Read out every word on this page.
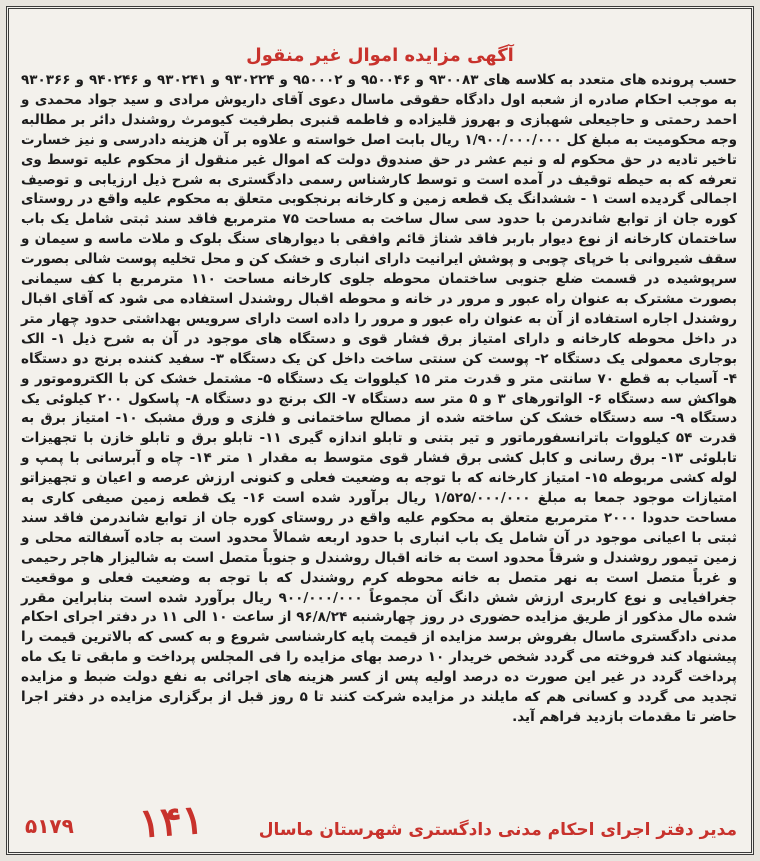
آگهی مزایده اموال غیر منقول
حسب پرونده های متعدد به کلاسه های ۹۳۰۰۸۳ و ۹۵۰۰۴۶ و ۹۵۰۰۰۲ و ۹۳۰۲۲۴ و ۹۳۰۲۴۱ و ۹۴۰۲۴۶ و ۹۳۰۳۶۶ به موجب احکام صادره از شعبه اول دادگاه حقوقی ماسال دعوی آقای داریوش مرادی و سید جواد محمدی و احمد رحمتی و حاجیعلی شهبازی و بهروز قلیزاده و فاطمه قنبری بطرفیت کیومرث روشندل دائر بر مطالبه وجه محکومیت به مبلغ کل ۱/۹۰۰/۰۰۰/۰۰۰ ریال بابت اصل خواسته و علاوه بر آن هزینه دادرسی و نیز خسارت تاخیر تادیه در حق محکوم له و نیم عشر در حق صندوق دولت که اموال غیر منقول از محکوم علیه توسط وی تعرفه که به حیطه توقیف در آمده است و توسط کارشناس رسمی دادگستری به شرح ذیل ارزیابی و توصیف اجمالی گردیده است ۱ - ششدانگ یک قطعه زمین و کارخانه برنجکوبی متعلق به محکوم علیه واقع در روستای کوره جان از توابع شاندرمن با حدود سی سال ساخت به مساحت ۷۵ مترمربع فاقد سند ثبتی شامل یک باب ساختمان کارخانه از نوع دیوار باربر فاقد شناژ قائم وافقی با دیوارهای سنگ بلوک و ملات ماسه و سیمان و سقف شیروانی با خرپای چوبی و پوشش ایرانیت دارای انباری و خشک کن و محل تخلیه پوست شالی بصورت سرپوشیده در قسمت ضلع جنوبی ساختمان محوطه جلوی کارخانه مساحت ۱۱۰ مترمربع با کف سیمانی بصورت مشترک به عنوان راه عبور و مرور در خانه و محوطه اقبال روشندل استفاده می شود که آقای اقبال روشندل اجاره استفاده از آن به عنوان راه عبور و مرور را داده است دارای سرویس بهداشتی حدود چهار متر در داخل محوطه کارخانه و دارای امتیاز برق فشار قوی و دستگاه های موجود در آن به شرح ذیل ۱- الک بوجاری معمولی یک دستگاه ۲- پوست کن سنتی ساخت داخل کن یک دستگاه ۳- سفید کننده برنج دو دستگاه ۴- آسیاب به قطع ۷۰ سانتی متر و قدرت متر ۱۵ کیلووات یک دستگاه ۵- مشتمل خشک کن با الکتروموتور و هواکش سه دستگاه ۶- الواتورهای ۳ و ۵ متر سه دستگاه ۷- الک برنج دو دستگاه ۸- پاسکول ۲۰۰ کیلوئی یک دستگاه ۹- سه دستگاه خشک کن ساخته شده از مصالح ساختمانی و فلزی و ورق مشبک ۱۰- امتیاز برق به قدرت ۵۴ کیلووات باترانسفورماتور و تیر بتنی و تابلو اندازه گیری ۱۱- تابلو برق و تابلو خازن با تجهیزات تابلوئی ۱۳- برق رسانی و کابل کشی برق فشار قوی متوسط به مقدار ۱ متر ۱۴- چاه و آبرسانی با پمپ و لوله کشی مربوطه ۱۵- امتیاز کارخانه که با توجه به وضعیت فعلی و کنونی ارزش عرصه و اعیان و تجهیزاتو امتیازات موجود جمعا به مبلغ ۱/۵۲۵/۰۰۰/۰۰۰ ریال برآورد شده است ۱۶- یک قطعه زمین صیفی کاری به مساحت حدودا ۲۰۰۰ مترمربع متعلق به محکوم علیه واقع در روستای کوره جان از توابع شاندرمن فاقد سند ثبتی با اعیانی موجود در آن شامل یک باب انباری با حدود اربعه شمالاً محدود است به جاده آسفالته محلی و زمین تیمور روشندل و شرقاً محدود است به خانه اقبال روشندل و جنوباً متصل است به شالیزار هاجر رحیمی و غرباً متصل است به نهر متصل به خانه محوطه کرم روشندل که با توجه به وضعیت فعلی و موقعیت جغرافیایی و نوع کاربری ارزش شش دانگ آن مجموعاً ۹۰۰/۰۰۰/۰۰۰ ریال برآورد شده است بنابراین مقرر شده مال مذکور از طریق مزایده حضوری در روز چهارشنبه ۹۶/۸/۲۴ از ساعت ۱۰ الی ۱۱ در دفتر اجرای احکام مدنی دادگستری ماسال بفروش برسد مزایده از قیمت پایه کارشناسی شروع و به کسی که بالاترین قیمت را پیشنهاد کند فروخته می گردد شخص خریدار ۱۰ درصد بهای مزایده را فی المجلس پرداخت و مابقی تا یک ماه پرداخت گردد در غیر این صورت ده درصد اولیه پس از کسر هزینه های اجرائی به نفع دولت ضبط و مزایده تجدید می گردد و کسانی هم که مایلند در مزایده شرکت کنند تا ۵ روز قبل از برگزاری مزایده در دفتر اجرا حاضر تا مقدمات بازدید فراهم آید.
۵۱۷۹ ۱۴۱	مدیر دفتر اجرای احکام مدنی دادگستری شهرستان ماسال
